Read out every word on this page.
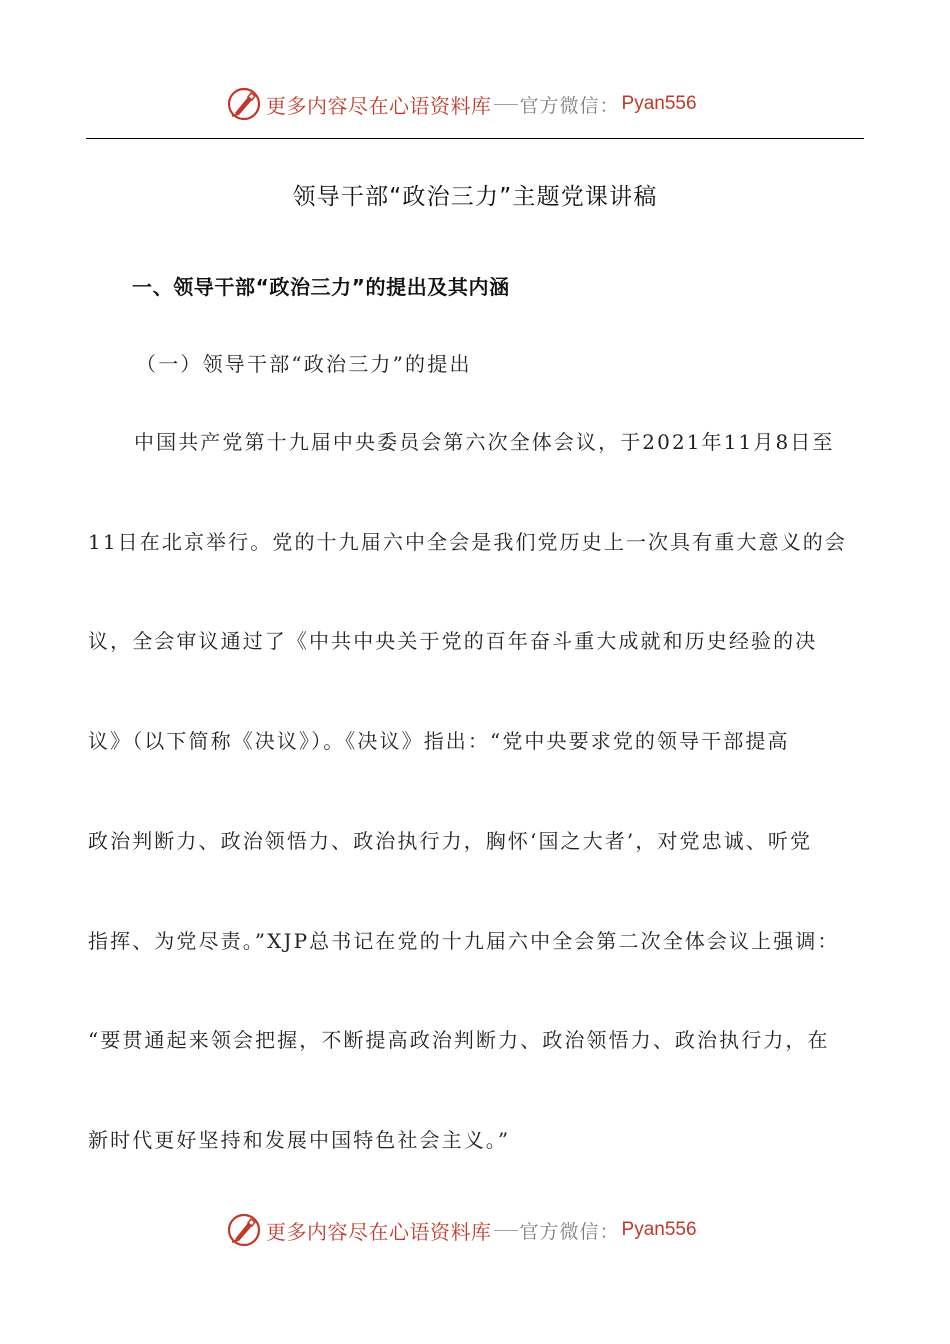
更多内容尽在心语资料库 官方微信： Pyan556
领导干部“政治三力”主题党课讲稿
一、领导干部“政治三力”的提出及其内涵
（一）领导干部“政治三力”的提出
中国共产党第十九届中央委员会第六次全体会议，于2021年11月8日至
11日在北京举行。党的十九届六中全会是我们党历史上一次具有重大意义的会
议，全会审议通过了《中共中央关于党的百年奋斗重大成就和历史经验的决
议》（以下简称《决议》）。《决议》指出：“党中央要求党的领导干部提高
政治判断力、政治领悟力、政治执行力，胸怀‘国之大者’，对党忠诚、听党
指挥、为党尽责。”XJP总书记在党的十九届六中全会第二次全体会议上强调：
“要贯通起来领会把握，不断提高政治判断力、政治领悟力、政治执行力，在
新时代更好坚持和发展中国特色社会主义。”
更多内容尽在心语资料库 官方微信： Pyan556
